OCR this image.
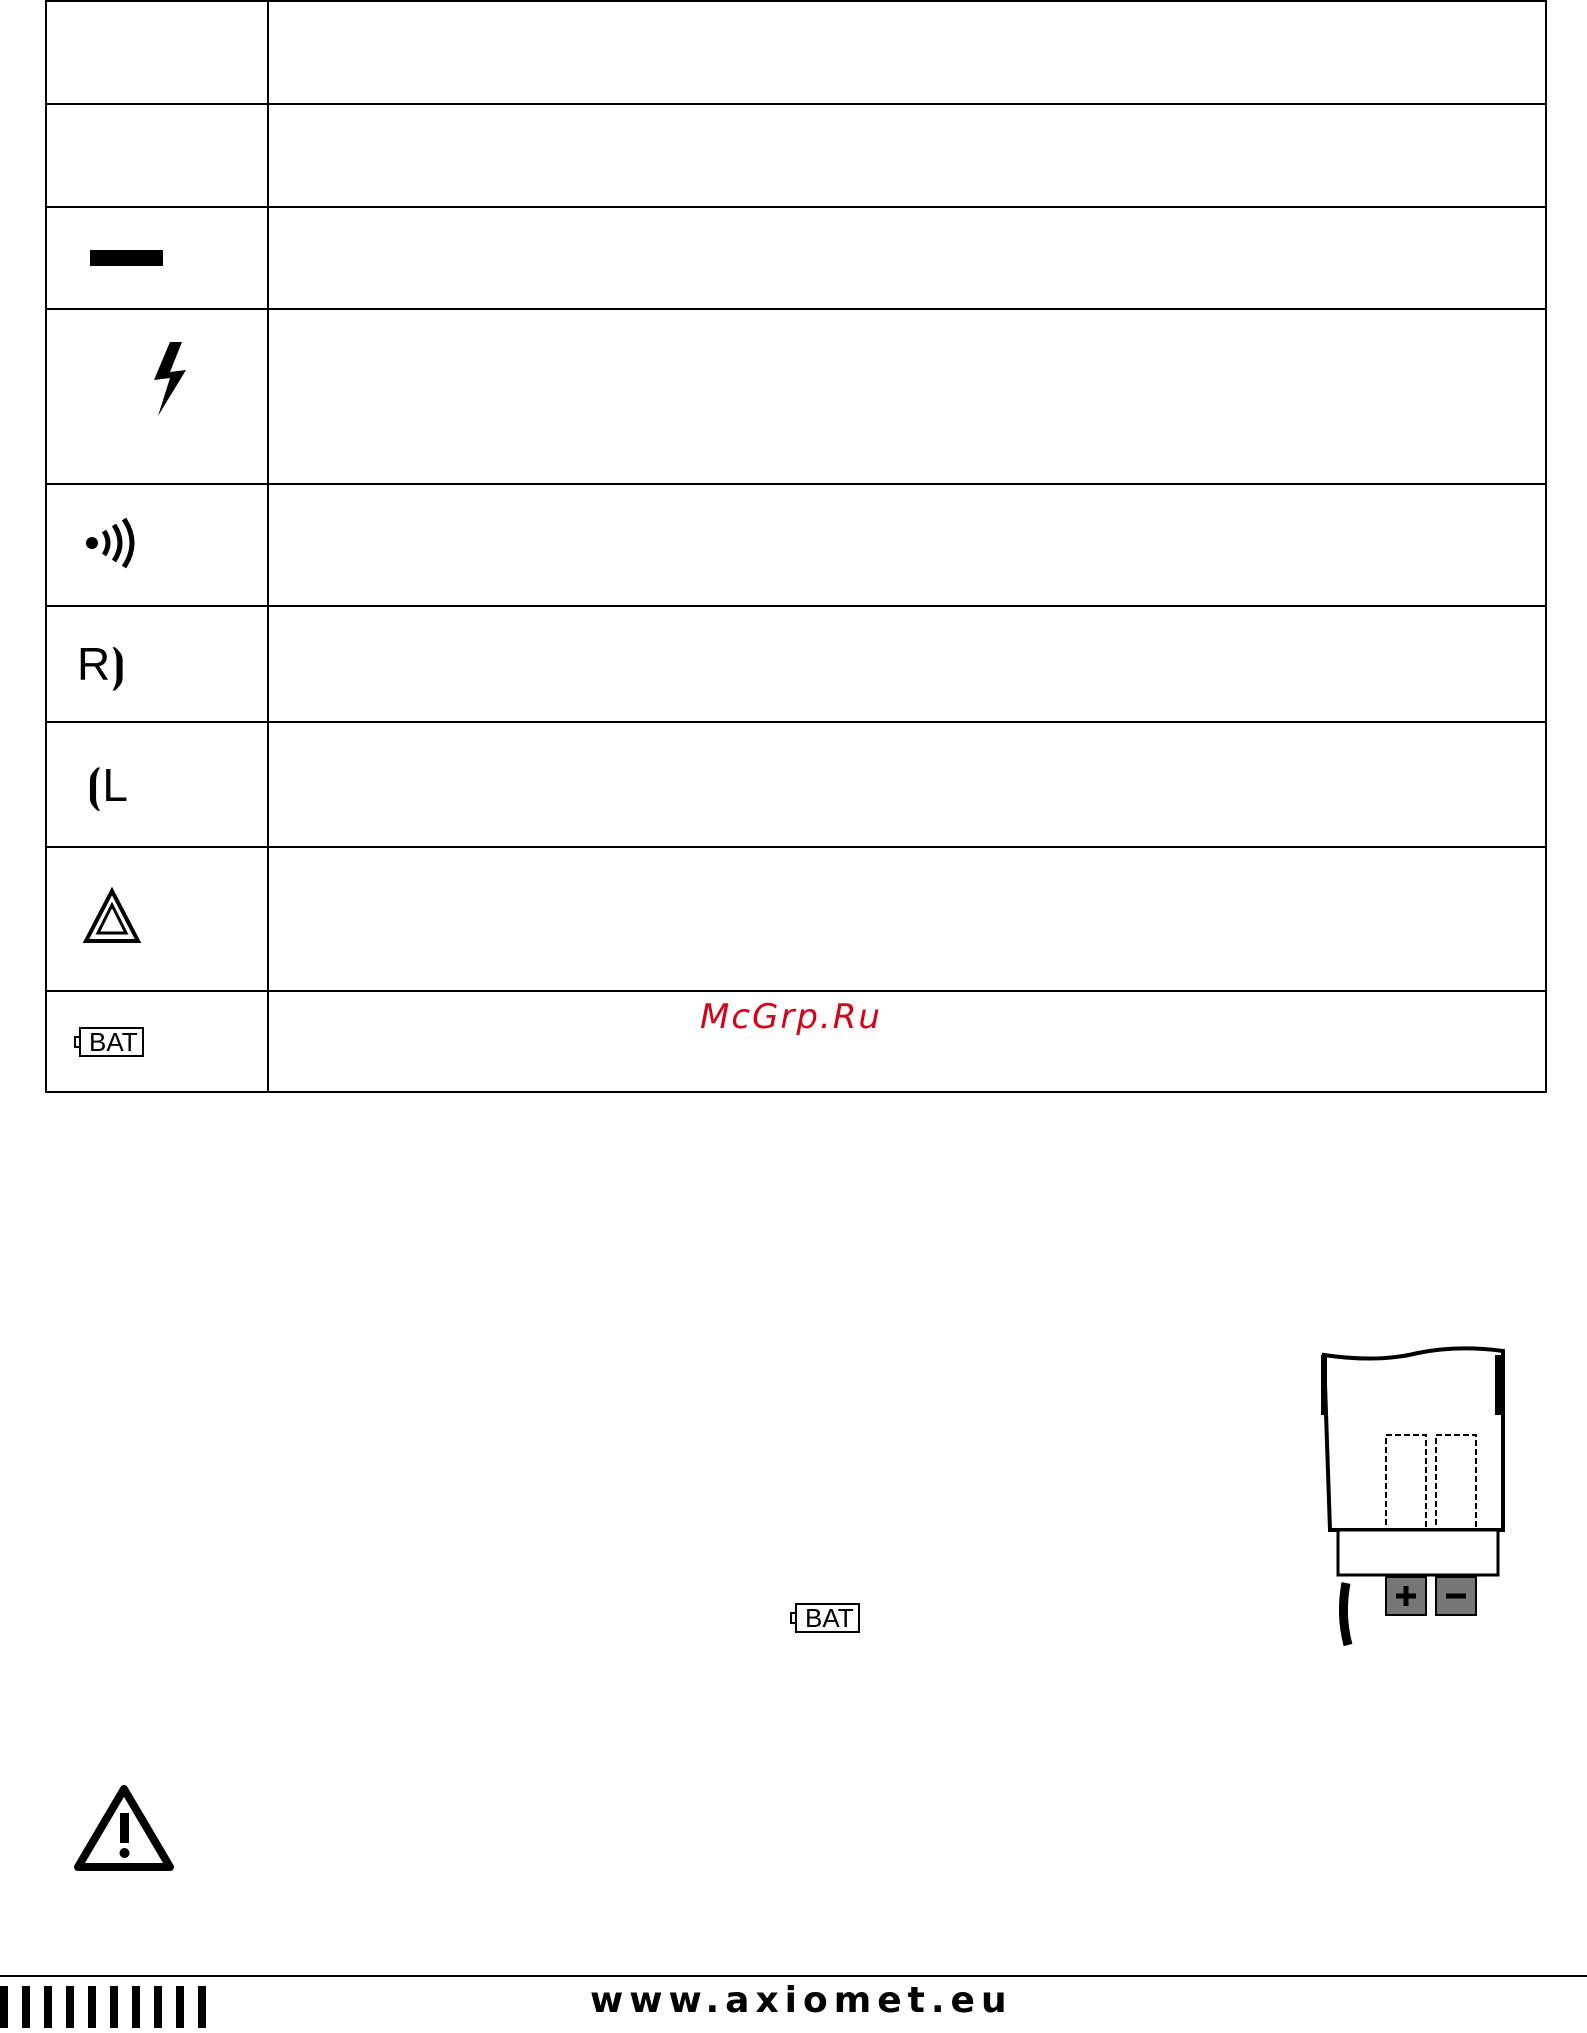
R⦘	

⦗L	

BAT	

McGrp.Ru
BAT
www.axiomet.eu
